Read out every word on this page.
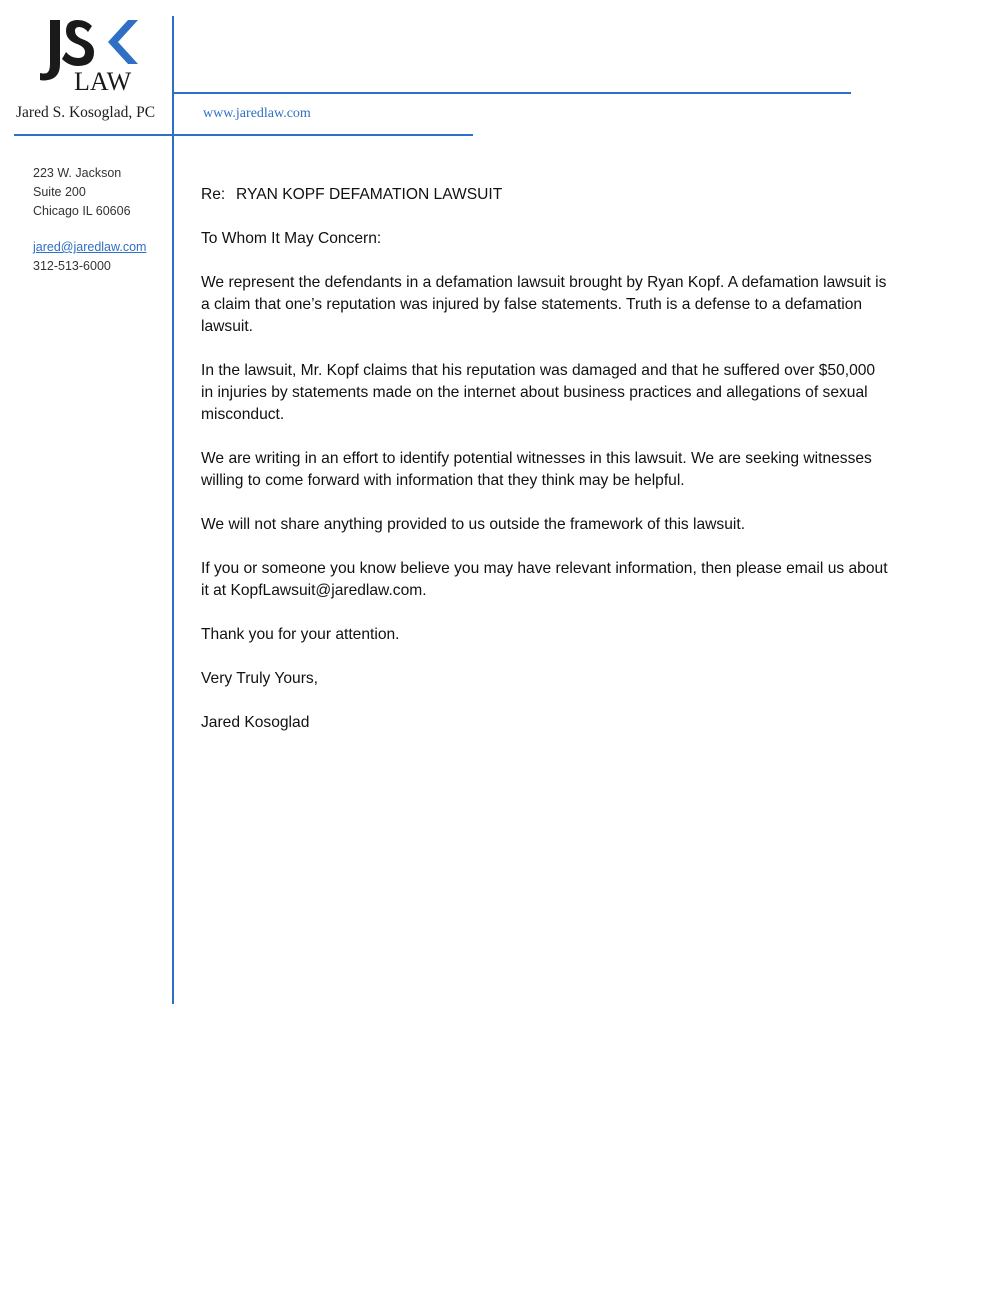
LAW
Jared S. Kosoglad, PC	www.jaredlaw.com
223 W. Jackson
Suite 200
Chicago IL 60606
jared@jaredlaw.com
312-513-6000

Re: RYAN KOPF DEFAMATION LAWSUIT

To Whom It May Concern:

We represent the defendants in a defamation lawsuit brought by Ryan Kopf. A defamation lawsuit is a claim that one’s reputation was injured by false statements. Truth is a defense to a defamation lawsuit.

In the lawsuit, Mr. Kopf claims that his reputation was damaged and that he suffered over $50,000 in injuries by statements made on the internet about business practices and allegations of sexual misconduct.

We are writing in an effort to identify potential witnesses in this lawsuit. We are seeking witnesses willing to come forward with information that they think may be helpful.

We will not share anything provided to us outside the framework of this lawsuit.

If you or someone you know believe you may have relevant information, then please email us about it at KopfLawsuit@jaredlaw.com.

Thank you for your attention.

Very Truly Yours,

Jared Kosoglad
